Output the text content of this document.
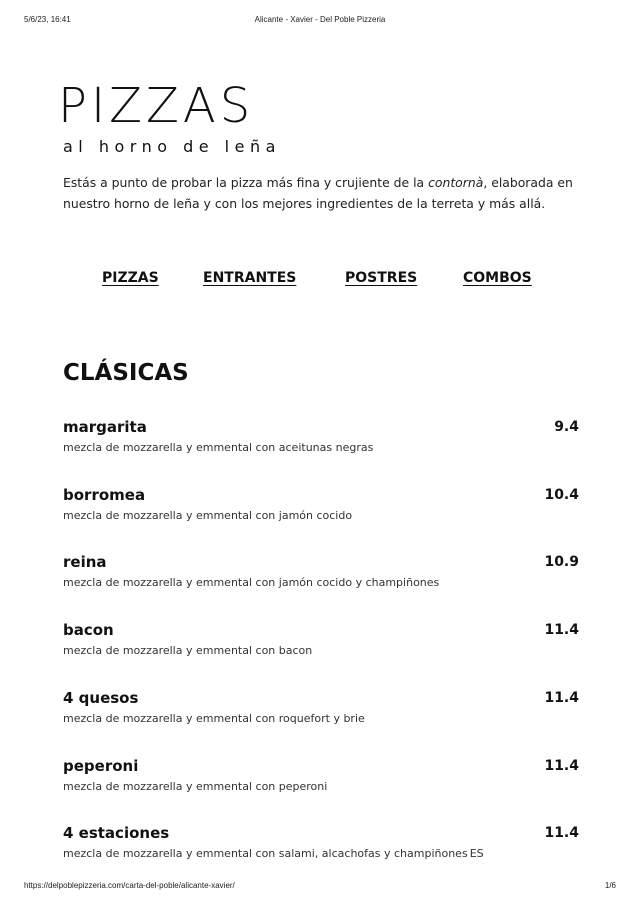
5/6/23, 16:41	Alicante - Xavier - Del Poble Pizzeria
PIZZAS
al horno de leña

Estás a punto de probar la pizza más fina y crujiente de la contornà, elaborada en nuestro horno de leña y con los mejores ingredientes de la terreta y más allá.

PIZZAS	ENTRANTES	POSTRES	COMBOS
CLÁSICAS
margarita	9.4
mezcla de mozzarella y emmental con aceitunas negras
borromea	10.4
mezcla de mozzarella y emmental con jamón cocido
reina	10.9
mezcla de mozzarella y emmental con jamón cocido y champiñones
bacon	11.4
mezcla de mozzarella y emmental con bacon
4 quesos	11.4
mezcla de mozzarella y emmental con roquefort y brie
peperoni	11.4
mezcla de mozzarella y emmental con peperoni
4 estaciones	11.4
mezcla de mozzarella y emmental con salami, alcachofas y champiñones ES
https://delpoblepizzeria.com/carta-del-poble/alicante-xavier/	1/6
